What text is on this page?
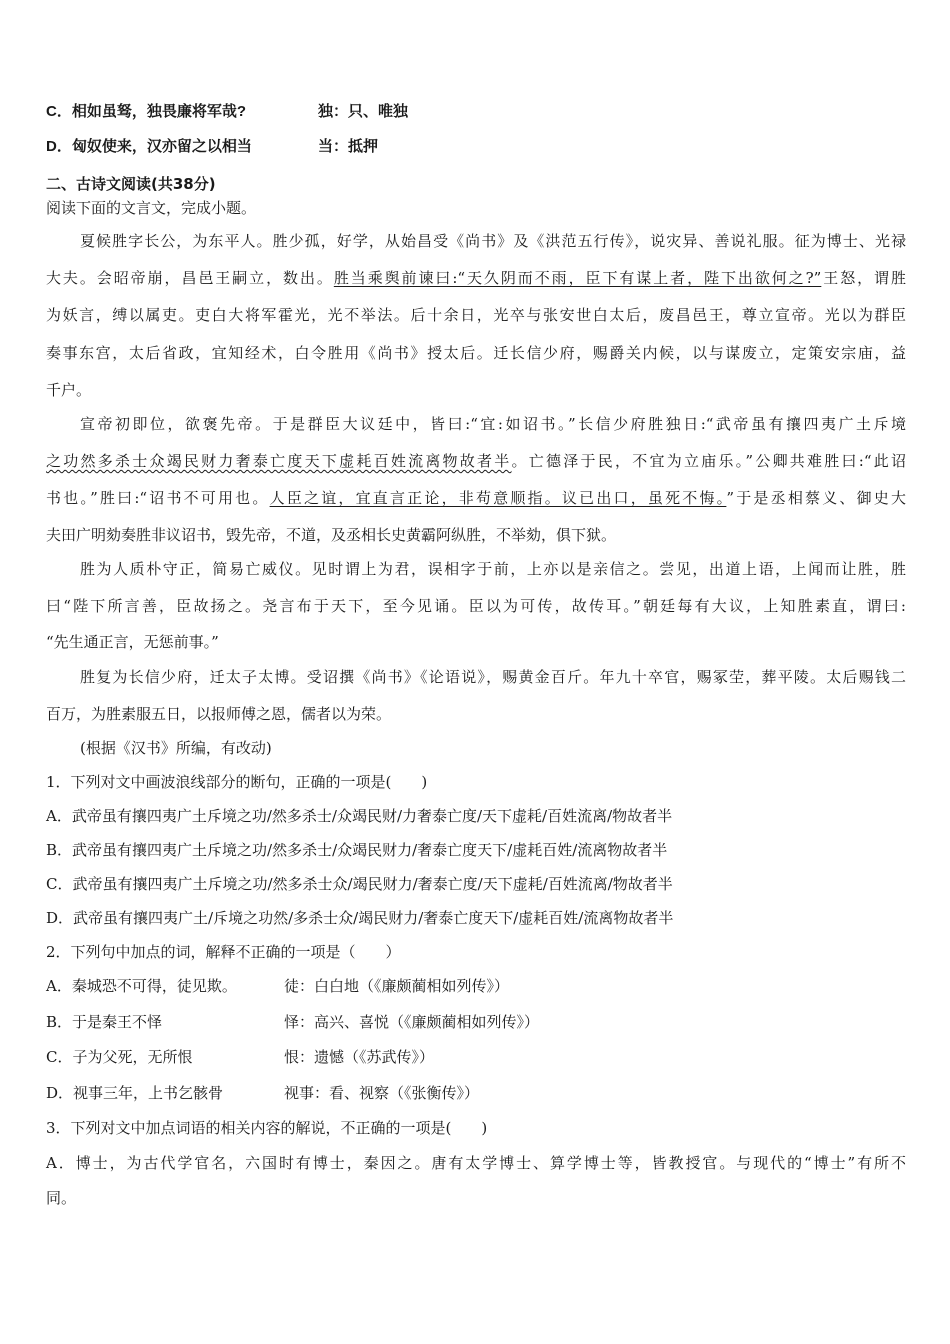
C．相如虽驽，独畏廉将军哉?	独：只、唯独
D．匈奴使来，汉亦留之以相当	当：抵押
二、古诗文阅读(共38分)
阅读下面的文言文，完成小题。
夏候胜字长公，为东平人。胜少孤，好学，从始昌受《尚书》及《洪范五行传》，说灾异、善说礼服。征为博士、光禄
大夫。会昭帝崩，昌邑王嗣立，数出。胜当乘舆前谏曰:“天久阴而不雨，臣下有谋上者，陛下出欲何之?”王怒，谓胜
为妖言，缚以属吏。吏白大将军霍光，光不举法。后十余日，光卒与张安世白太后，废昌邑王，尊立宣帝。光以为群臣
奏事东宫，太后省政，宜知经术，白令胜用《尚书》授太后。迁长信少府，赐爵关内候，以与谋废立，定策安宗庙，益
千户。
宣帝初即位，欲褒先帝。于是群臣大议廷中，皆曰:“宜:如诏书。”长信少府胜独日:“武帝虽有攘四夷广土斥境
之功然多杀士众竭民财力奢泰亡度天下虚耗百姓流离物故者半。亡德泽于民，不宜为立庙乐。”公卿共难胜曰:“此诏
书也。”胜曰:“诏书不可用也。人臣之谊，宜直言正论，非苟意顺指。议已出口，虽死不悔。”于是丞相蔡义、御史大
夫田广明劾奏胜非议诏书，毁先帝，不道，及丞相长史黄霸阿纵胜，不举劾，俱下狱。
胜为人质朴守正，简易亡威仪。见时谓上为君，误相字于前，上亦以是亲信之。尝见，出道上语，上闻而让胜，胜
曰“陛下所言善，臣故扬之。尧言布于天下，至今见诵。臣以为可传，故传耳。”朝廷每有大议，上知胜素直，谓曰:
“先生通正言，无惩前事。”
胜复为长信少府，迁太子太博。受诏撰《尚书》《论语说》，赐黄金百斤。年九十卒官，赐冢茔，葬平陵。太后赐钱二
百万，为胜素服五日，以报师傅之恩，儒者以为荣。
(根据《汉书》所编，有改动)
1．下列对文中画波浪线部分的断句，正确的一项是(　　)
A．武帝虽有攘四夷广土斥境之功/然多杀士/众竭民财/力奢泰亡度/天下虚耗/百姓流离/物故者半
B．武帝虽有攘四夷广土斥境之功/然多杀士/众竭民财力/奢泰亡度天下/虚耗百姓/流离物故者半
C．武帝虽有攘四夷广土斥境之功/然多杀士众/竭民财力/奢泰亡度/天下虚耗/百姓流离/物故者半
D．武帝虽有攘四夷广土/斥境之功然/多杀士众/竭民财力/奢泰亡度天下/虚耗百姓/流离物故者半
2．下列句中加点的词，解释不正确的一项是（　　）
A．秦城恐不可得，徒见欺。	徒：白白地（《廉颇蔺相如列传》）
B．于是秦王不怿	怿：高兴、喜悦（《廉颇蔺相如列传》）
C．子为父死，无所恨	恨：遗憾（《苏武传》）
D．视事三年，上书乞骸骨	视事：看、视察（《张衡传》）
3．下列对文中加点词语的相关内容的解说，不正确的一项是(　　)
A．博士，为古代学官名，六国时有博士，秦因之。唐有太学博士、算学博士等，皆教授官。与现代的“博士”有所不
同。
